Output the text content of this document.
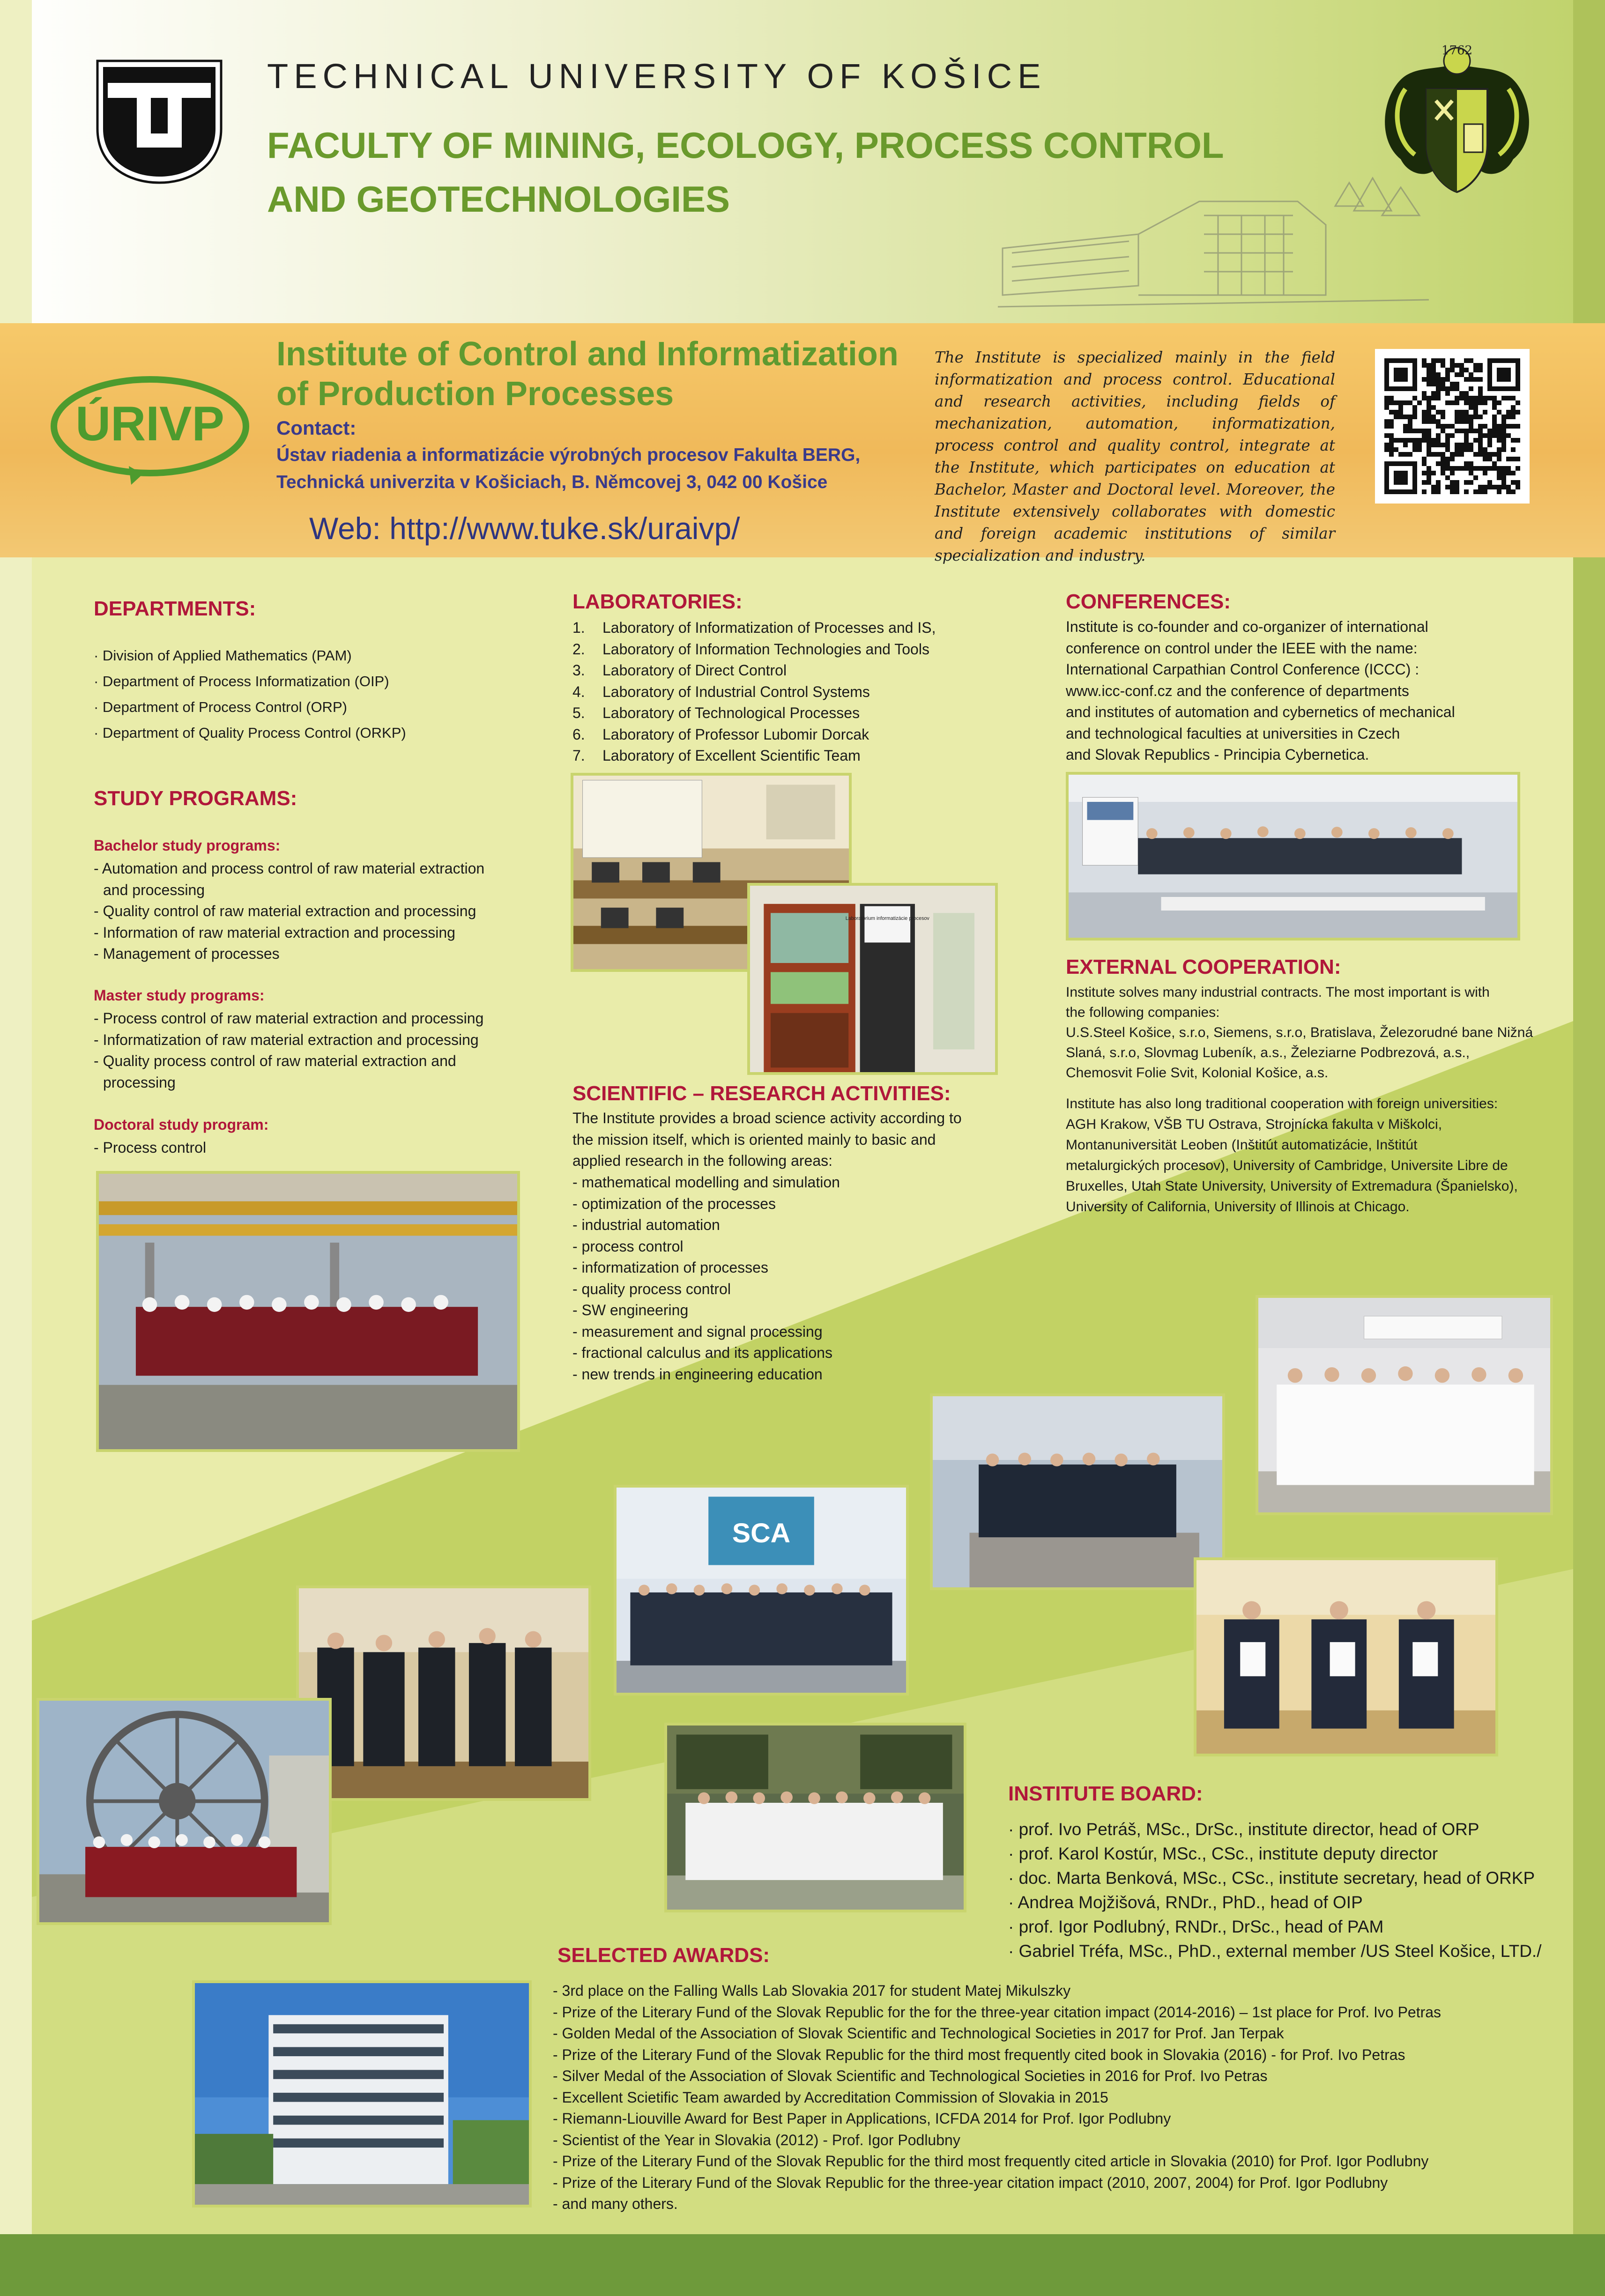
TECHNICAL UNIVERSITY OF KOŠICE
FACULTY OF MINING, ECOLOGY, PROCESS CONTROL
AND GEOTECHNOLOGIES
1762
ÚRIVP
Institute of Control and Informatization
of Production Processes
Contact:
Ústav riadenia a informatizácie výrobných procesov Fakulta BERG,
Technická univerzita v Košiciach, B. Němcovej 3, 042 00 Košice
Web: http://www.tuke.sk/uraivp/
The Institute is specialized mainly in the field informatization and process control. Educational and research activities, including fields of mechanization, automation, informatization, process control and quality control, integrate at the Institute, which participates on education at Bachelor, Master and Doctoral level. Moreover, the Institute extensively collaborates with domestic and foreign academic institutions of similar specialization and industry.
DEPARTMENTS:
· Division of Applied Mathematics (PAM)
· Department of Process Informatization (OIP)
· Department of Process Control (ORP)
· Department of Quality Process Control (ORKP)
STUDY PROGRAMS:
Bachelor study programs:
- Automation and process control of raw material extraction
and processing
- Quality control of raw material extraction and processing
- Information of raw material extraction and processing
- Management of processes
Master study programs:
- Process control of raw material extraction and processing
- Informatization of raw material extraction and processing
- Quality process control of raw material extraction and
processing
Doctoral study program:
- Process control
LABORATORIES:
1. Laboratory of Informatization of Processes and IS,
2. Laboratory of Information Technologies and Tools
3. Laboratory of Direct Control
4. Laboratory of Industrial Control Systems
5. Laboratory of Technological Processes
6. Laboratory of Professor Lubomir Dorcak
7. Laboratory of Excellent Scientific Team
SCIENTIFIC – RESEARCH ACTIVITIES:
The Institute provides a broad science activity according to
the mission itself, which is oriented mainly to basic and
applied research in the following areas:
- mathematical modelling and simulation
- optimization of the processes
- industrial automation
- process control
- informatization of processes
- quality process control
- SW engineering
- measurement and signal processing
- fractional calculus and its applications
- new trends in engineering education
CONFERENCES:
Institute is co-founder and co-organizer of international
conference on control under the IEEE with the name:
International Carpathian Control Conference (ICCC) :
www.icc-conf.cz and the conference of departments
and institutes of automation and cybernetics of mechanical
and technological faculties at universities in Czech
and Slovak Republics - Principia Cybernetica.
EXTERNAL COOPERATION:
Institute solves many industrial contracts. The most important is with
the following companies:
U.S.Steel Košice, s.r.o, Siemens, s.r.o, Bratislava, Železorudné bane Nižná
Slaná, s.r.o, Slovmag Lubeník, a.s., Železiarne Podbrezová, a.s.,
Chemosvit Folie Svit, Kolonial Košice, a.s.
Institute has also long traditional cooperation with foreign universities:
AGH Krakow, VŠB TU Ostrava, Strojnícka fakulta v Miškolci,
Montanuniversität Leoben (Inštitút automatizácie, Inštitút
metalurgických procesov), University of Cambridge, Universite Libre de
Bruxelles, Utah State University, University of Extremadura (Španielsko),
University of California, University of Illinois at Chicago.
INSTITUTE BOARD:
· prof. Ivo Petráš, MSc., DrSc., institute director, head of ORP
· prof. Karol Kostúr, MSc., CSc., institute deputy director
· doc. Marta Benková, MSc., CSc., institute secretary, head of ORKP
· Andrea Mojžišová, RNDr., PhD., head of OIP
· prof. Igor Podlubný, RNDr., DrSc., head of PAM
· Gabriel Tréfa, MSc., PhD., external member /US Steel Košice, LTD./
SELECTED AWARDS:
- 3rd place on the Falling Walls Lab Slovakia 2017 for student Matej Mikulszky
- Prize of the Literary Fund of the Slovak Republic for the for the three-year citation impact (2014-2016) – 1st place for Prof. Ivo Petras
- Golden Medal of the Association of Slovak Scientific and Technological Societies in 2017 for Prof. Jan Terpak
- Prize of the Literary Fund of the Slovak Republic for the third most frequently cited book in Slovakia (2016) - for Prof. Ivo Petras
- Silver Medal of the Association of Slovak Scientific and Technological Societies in 2016 for Prof. Ivo Petras
- Excellent Scietific Team awarded by Accreditation Commission of Slovakia in 2015
- Riemann-Liouville Award for Best Paper in Applications, ICFDA 2014 for Prof. Igor Podlubny
- Scientist of the Year in Slovakia (2012) - Prof. Igor Podlubny
- Prize of the Literary Fund of the Slovak Republic for the third most frequently cited article in Slovakia (2010) for Prof. Igor Podlubny
- Prize of the Literary Fund of the Slovak Republic for the three-year citation impact (2010, 2007, 2004) for Prof. Igor Podlubny
- and many others.
Laboratórium informatizácie procesov
SCA
